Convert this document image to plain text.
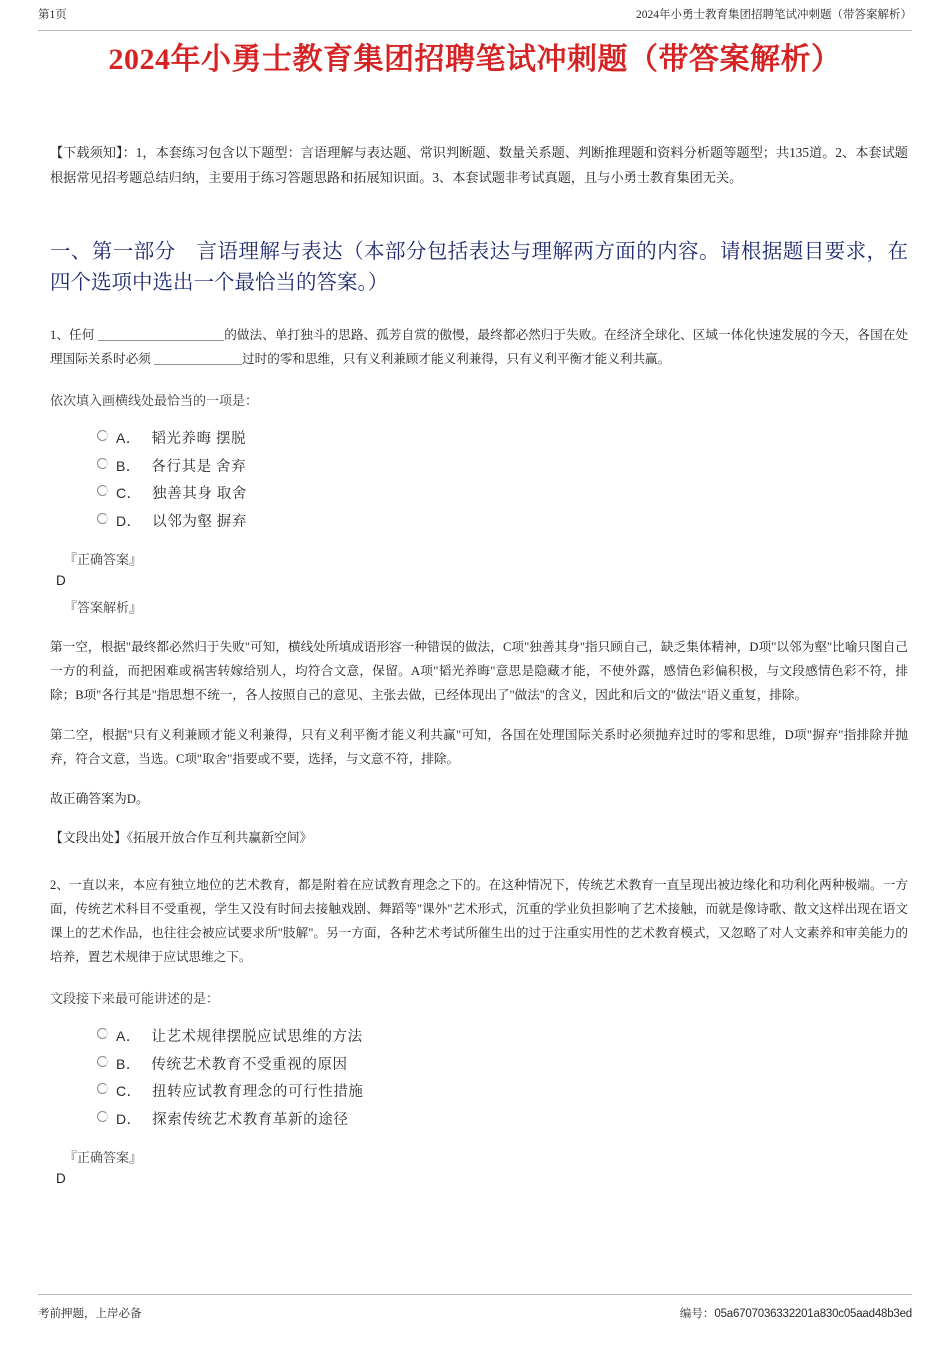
第1页	2024年小勇士教育集团招聘笔试冲刺题（带答案解析）
2024年小勇士教育集团招聘笔试冲刺题（带答案解析）

【下载须知】：1，本套练习包含以下题型：言语理解与表达题、常识判断题、数量关系题、判断推理题和资料分析题等题型；共135道。2、本套试题根据常见招考题总结归纳，主要用于练习答题思路和拓展知识面。3、本套试题非考试真题，且与小勇士教育集团无关。

一、第一部分　言语理解与表达（本部分包括表达与理解两方面的内容。请根据题目要求，在四个选项中选出一个最恰当的答案。）

1、任何 ＿＿＿＿＿＿＿＿＿＿的做法、单打独斗的思路、孤芳自赏的傲慢，最终都必然归于失败。在经济全球化、区域一体化快速发展的今天，各国在处理国际关系时必须 ＿＿＿＿＿＿＿过时的零和思维，只有义利兼顾才能义利兼得，只有义利平衡才能义利共赢。

依次填入画横线处最恰当的一项是：

A． 韬光养晦 摆脱
B． 各行其是 舍弃
C． 独善其身 取舍
D． 以邻为壑 摒弃

『正确答案』

D

『答案解析』

第一空，根据"最终都必然归于失败"可知，横线处所填成语形容一种错误的做法，C项"独善其身"指只顾自己，缺乏集体精神，D项"以邻为壑"比喻只图自己一方的利益，而把困难或祸害转嫁给别人，均符合文意，保留。A项"韬光养晦"意思是隐藏才能，不使外露，感情色彩偏积极，与文段感情色彩不符，排除；B项"各行其是"指思想不统一，各人按照自己的意见、主张去做，已经体现出了"做法"的含义，因此和后文的"做法"语义重复，排除。

第二空，根据"只有义利兼顾才能义利兼得，只有义利平衡才能义利共赢"可知，各国在处理国际关系时必须抛弃过时的零和思维，D项"摒弃"指排除并抛弃，符合文意，当选。C项"取舍"指要或不要，选择，与文意不符，排除。

故正确答案为D。

【文段出处】《拓展开放合作互利共赢新空间》

2、一直以来，本应有独立地位的艺术教育，都是附着在应试教育理念之下的。在这种情况下，传统艺术教育一直呈现出被边缘化和功利化两种极端。一方面，传统艺术科目不受重视，学生又没有时间去接触戏剧、舞蹈等"课外"艺术形式，沉重的学业负担影响了艺术接触，而就是像诗歌、散文这样出现在语文课上的艺术作品，也往往会被应试要求所"肢解"。另一方面，各种艺术考试所催生出的过于注重实用性的艺术教育模式，又忽略了对人文素养和审美能力的培养，置艺术规律于应试思维之下。

文段接下来最可能讲述的是：

A． 让艺术规律摆脱应试思维的方法
B． 传统艺术教育不受重视的原因
C． 扭转应试教育理念的可行性措施
D． 探索传统艺术教育革新的途径

『正确答案』

D

考前押题，上岸必备	编号：05a6707036332201a830c05aad48b3ed
